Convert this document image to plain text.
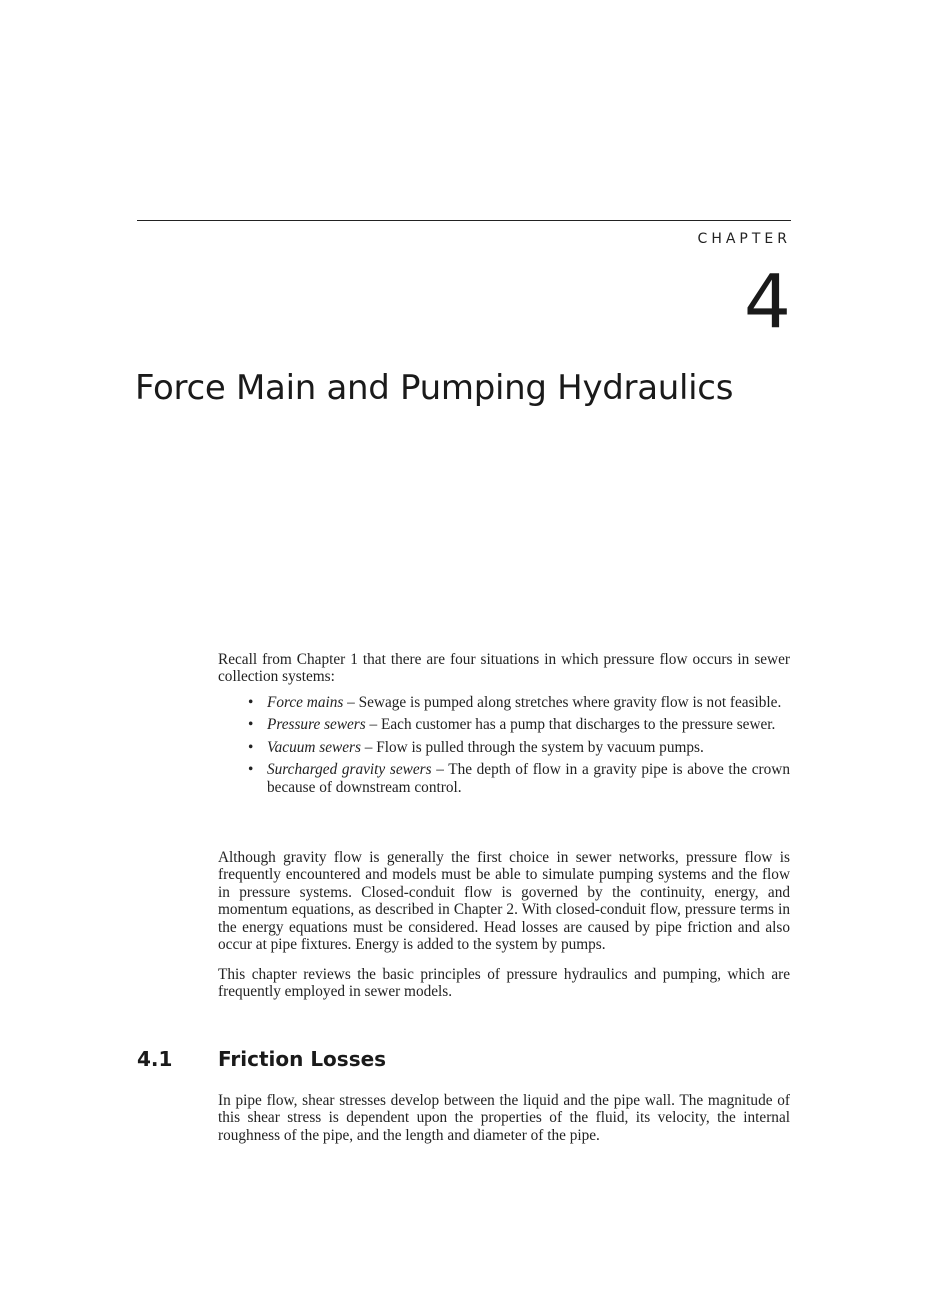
CHAPTER
4
Force Main and Pumping Hydraulics

Recall from Chapter 1 that there are four situations in which pressure flow occurs in sewer collection systems:

• Force mains – Sewage is pumped along stretches where gravity flow is not feasible.
• Pressure sewers – Each customer has a pump that discharges to the pressure sewer.
• Vacuum sewers – Flow is pulled through the system by vacuum pumps.
• Surcharged gravity sewers – The depth of flow in a gravity pipe is above the crown because of downstream control.

Although gravity flow is generally the first choice in sewer networks, pressure flow is frequently encountered and models must be able to simulate pumping systems and the flow in pressure systems. Closed-conduit flow is governed by the continuity, energy, and momentum equations, as described in Chapter 2. With closed-conduit flow, pressure terms in the energy equations must be considered. Head losses are caused by pipe friction and also occur at pipe fixtures. Energy is added to the system by pumps.

This chapter reviews the basic principles of pressure hydraulics and pumping, which are frequently employed in sewer models.

4.1 Friction Losses

In pipe flow, shear stresses develop between the liquid and the pipe wall. The magnitude of this shear stress is dependent upon the properties of the fluid, its velocity, the internal roughness of the pipe, and the length and diameter of the pipe.
